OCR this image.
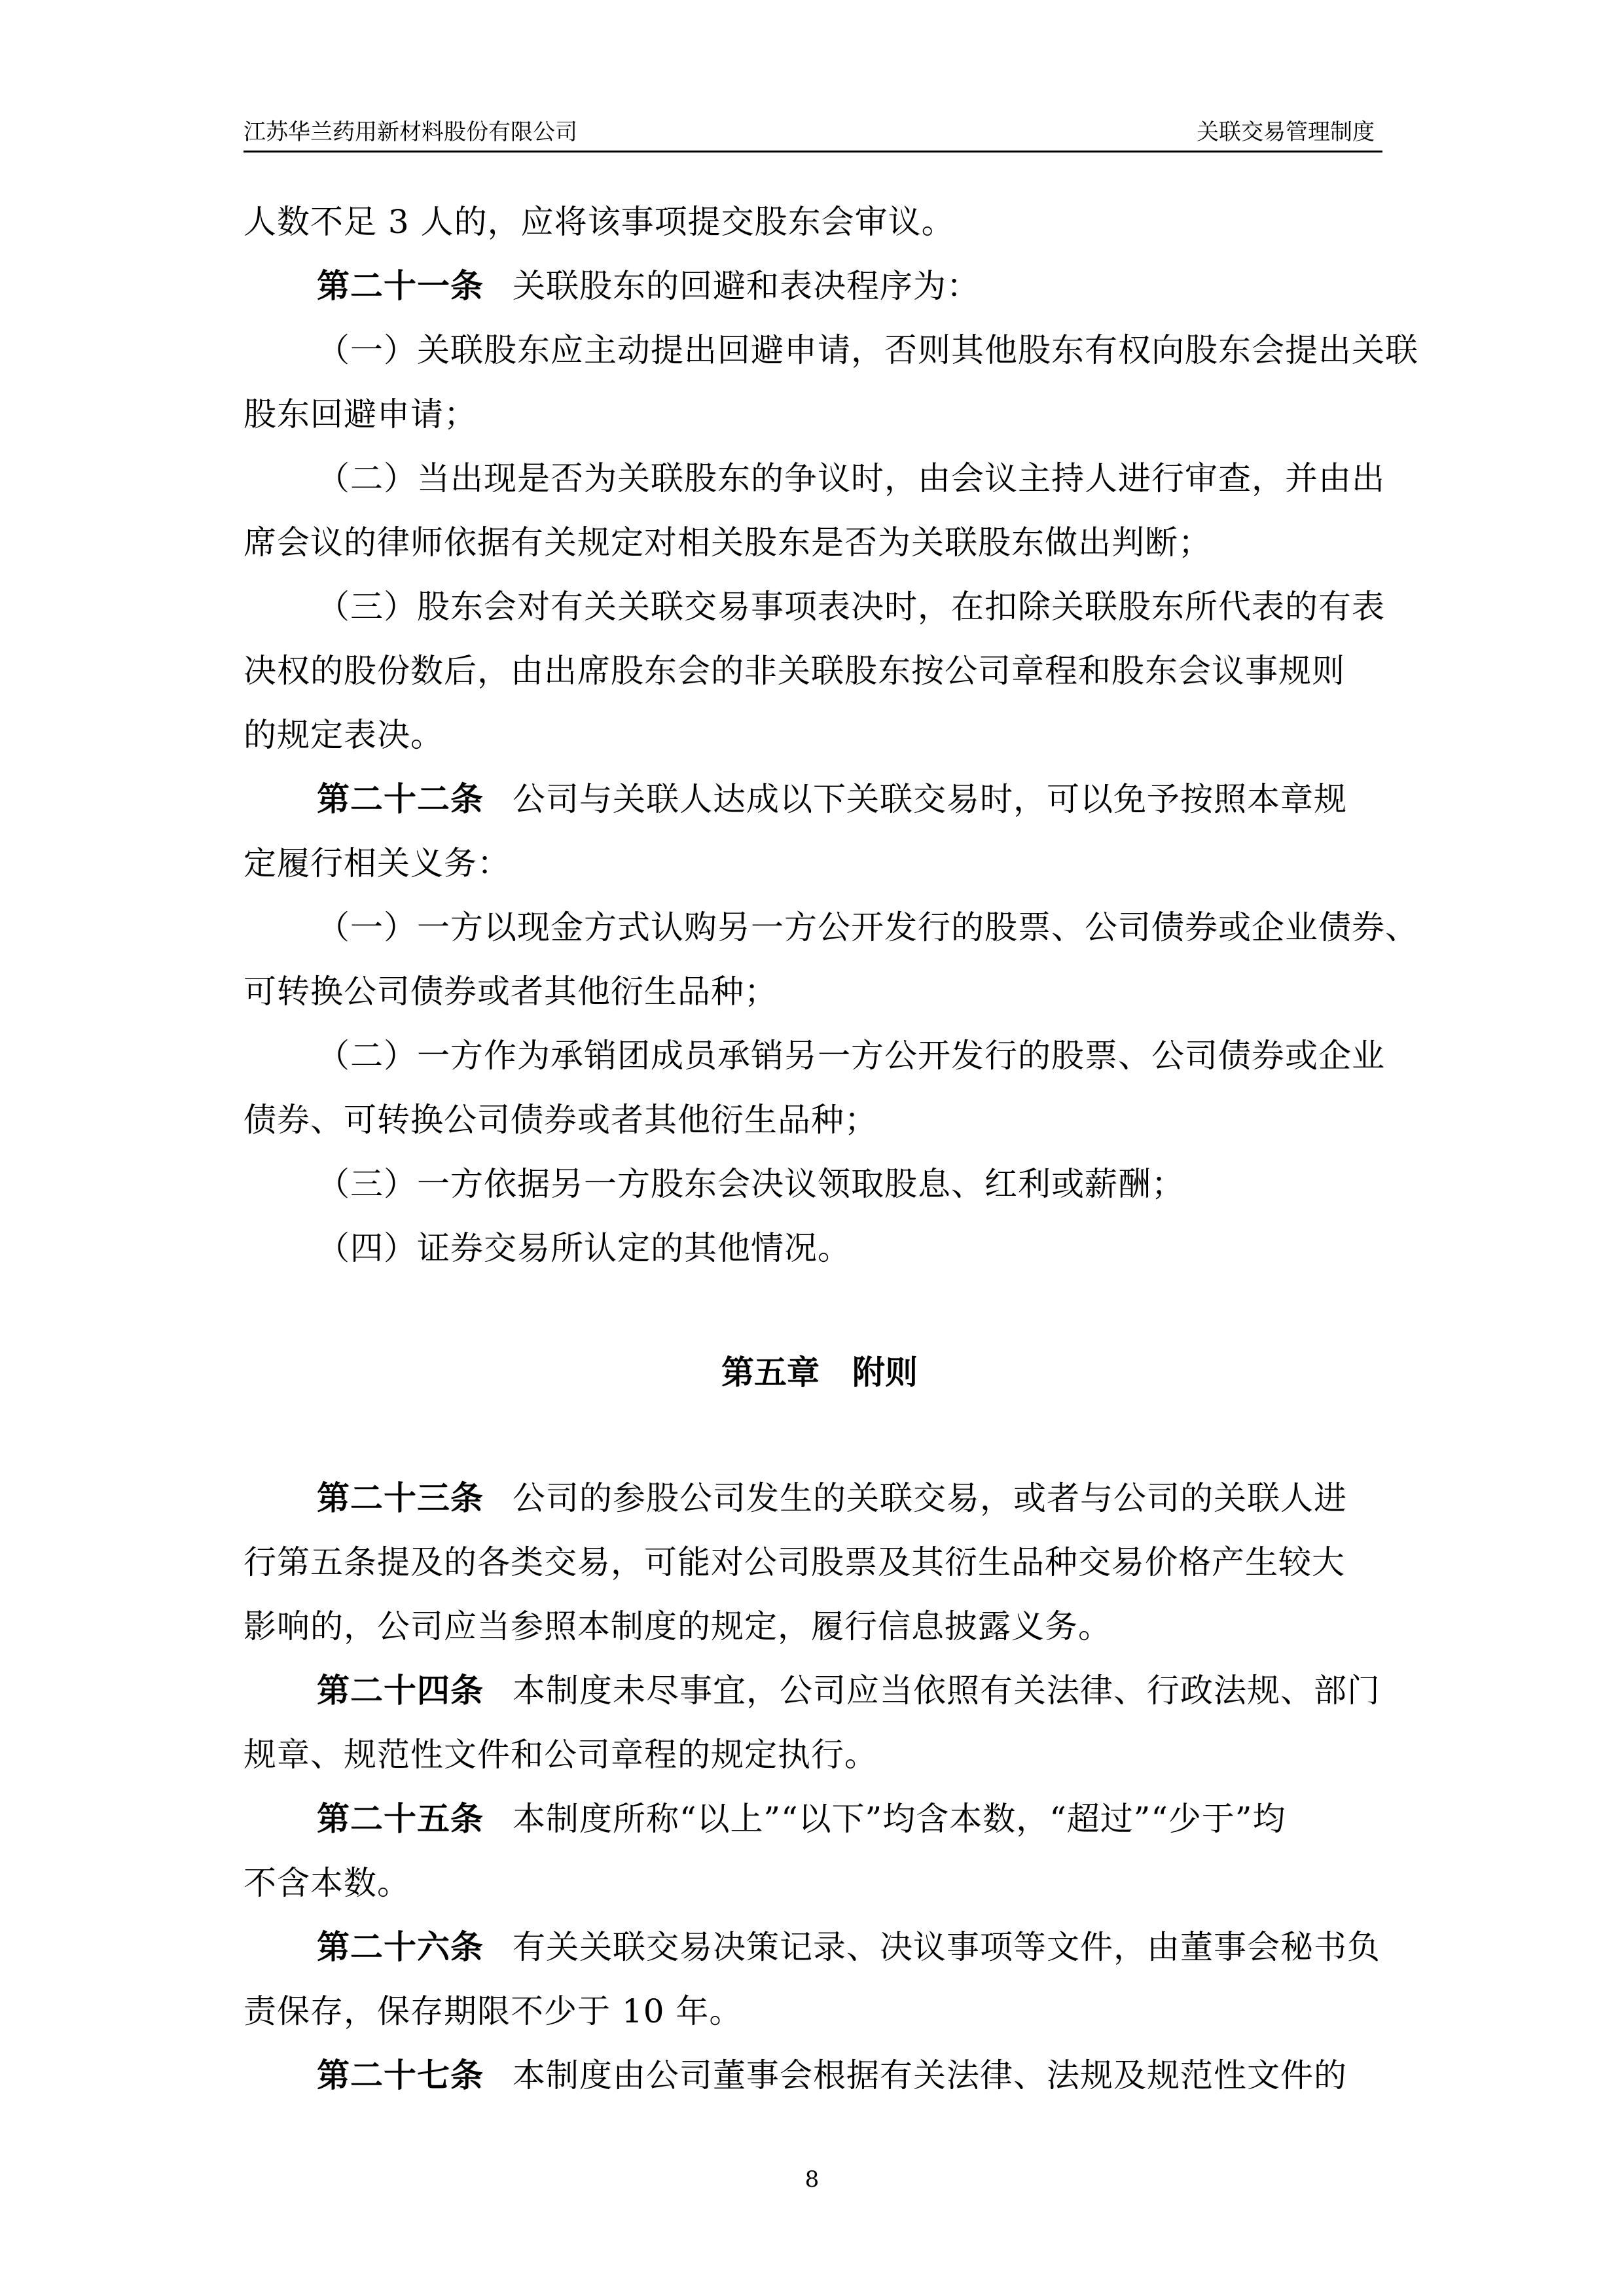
江苏华兰药用新材料股份有限公司	关联交易管理制度

人数不足 3 人的，应将该事项提交股东会审议。

第二十一条 关联股东的回避和表决程序为：

（一）关联股东应主动提出回避申请，否则其他股东有权向股东会提出关联

股东回避申请；

（二）当出现是否为关联股东的争议时，由会议主持人进行审查，并由出

席会议的律师依据有关规定对相关股东是否为关联股东做出判断；

（三）股东会对有关关联交易事项表决时，在扣除关联股东所代表的有表

决权的股份数后，由出席股东会的非关联股东按公司章程和股东会议事规则

的规定表决。

第二十二条 公司与关联人达成以下关联交易时，可以免予按照本章规

定履行相关义务：

（一）一方以现金方式认购另一方公开发行的股票、公司债券或企业债券、

可转换公司债券或者其他衍生品种；

（二）一方作为承销团成员承销另一方公开发行的股票、公司债券或企业

债券、可转换公司债券或者其他衍生品种；

（三）一方依据另一方股东会决议领取股息、红利或薪酬；

（四）证券交易所认定的其他情况。

第五章　附则

第二十三条 公司的参股公司发生的关联交易，或者与公司的关联人进

行第五条提及的各类交易，可能对公司股票及其衍生品种交易价格产生较大

影响的，公司应当参照本制度的规定，履行信息披露义务。

第二十四条 本制度未尽事宜，公司应当依照有关法律、行政法规、部门

规章、规范性文件和公司章程的规定执行。

第二十五条 本制度所称“以上”“以下”均含本数，“超过”“少于”均

不含本数。

第二十六条 有关关联交易决策记录、决议事项等文件，由董事会秘书负

责保存，保存期限不少于 10 年。

第二十七条 本制度由公司董事会根据有关法律、法规及规范性文件的

8
